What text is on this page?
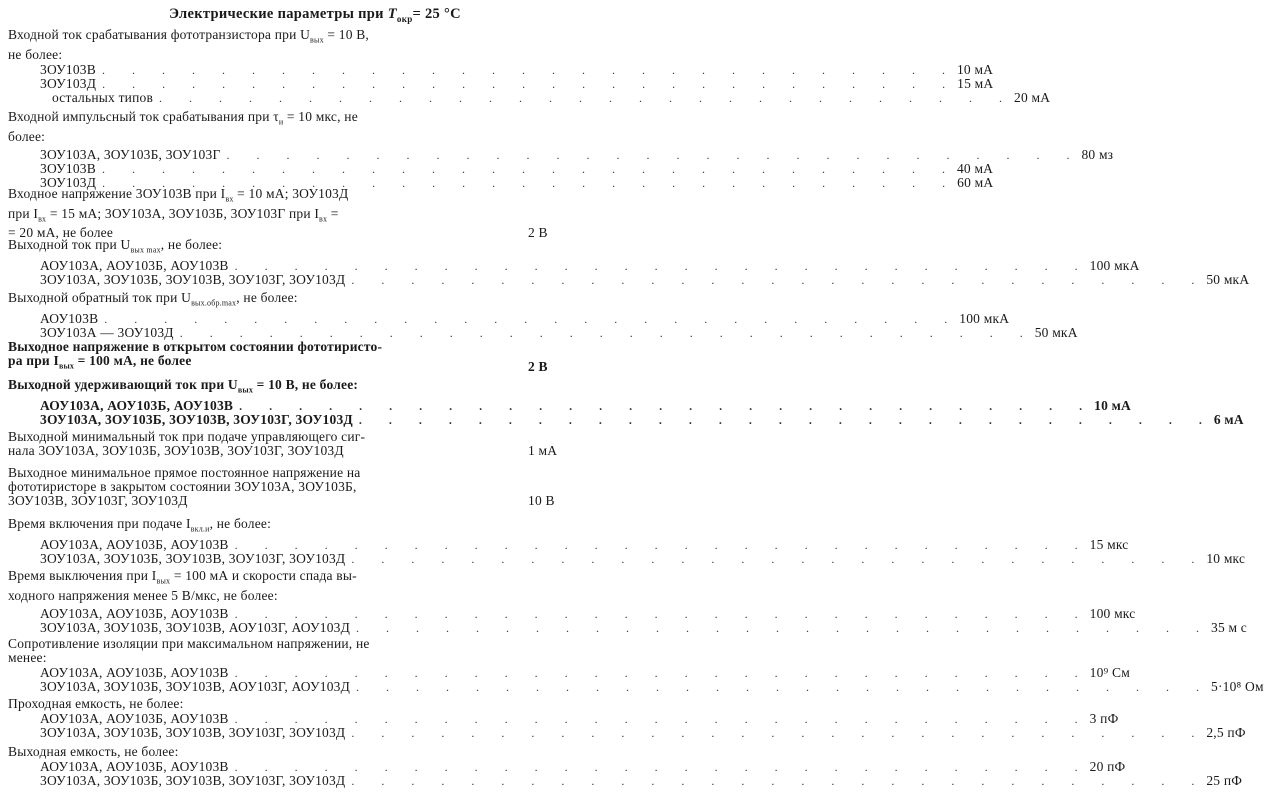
Электрические параметры при $T_{окр}= 25$ °С
Входной ток срабатывания фототранзистора при $U_{вых} = 10$ В,
не более:
3ОУ103В . . . . . . . . . . . . . . . . . . . . . . . . . . . . . 10 мА
3ОУ103Д . . . . . . . . . . . . . . . . . . . . . . . . . . . . . 15 мА
остальных типов . . . . . . . . . . . . . . . . . . . . . . . . . . . . . 20 мА
Входной импульсный ток срабатывания при $\tau_и = 10$ мкс, не
более:
3ОУ103А, 3ОУ103Б, 3ОУ103Г . . . . . . . . . . . . . . . . . . . . . . . . . . . . . 80 мз
3ОУ103В . . . . . . . . . . . . . . . . . . . . . . . . . . . . . 40 мА
3ОУ103Д . . . . . . . . . . . . . . . . . . . . . . . . . . . . . 60 мА
Входное напряжение 3ОУ103В при $I_{вх} = 10$ мА; 3ОУ103Д
при $I_{вх} = 15$ мА; 3ОУ103А, 3ОУ103Б, 3ОУ103Г при $I_{вх}$ =
= 20 мА, не более	2 В
Выходной ток при $U_{вых max}$, не более:
АОУ103А, АОУ103Б, АОУ103В . . . . . . . . . . . . . . . . . . . . . . . . . . . . . 100 мкА
3ОУ103А, 3ОУ103Б, 3ОУ103В, 3ОУ103Г, 3ОУ103Д . . . . . . . . . . . . . . . . . . . . . . . . . . . . . 50 мкА
Выходной обратный ток при $U_{вых.обр.max}$, не более:
АОУ103В . . . . . . . . . . . . . . . . . . . . . . . . . . . . . 100 мкА
3ОУ103А — 3ОУ103Д . . . . . . . . . . . . . . . . . . . . . . . . . . . . . 50 мкА
Выходное напряжение в открытом состоянии фототиристо-
ра при $I_{вых} = 100$ мА, не более	2 В
Выходной удерживающий ток при $U_{вых} = 10$ В, не более:
АОУ103А, АОУ103Б, АОУ103В . . . . . . . . . . . . . . . . . . . . . . . . . . . . . 10 мА
3ОУ103А, 3ОУ103Б, 3ОУ103В, 3ОУ103Г, 3ОУ103Д . . . . . . . . . . . . . . . . . . . . . . . . . . . . . 6 мА
Выходной минимальный ток при подаче управляющего сиг-
нала 3ОУ103А, 3ОУ103Б, 3ОУ103В, 3ОУ103Г, 3ОУ103Д	1 мА
Выходное минимальное прямое постоянное напряжение на
фототиристоре в закрытом состоянии 3ОУ103А, 3ОУ103Б,
3ОУ103В, 3ОУ103Г, 3ОУ103Д	10 В
Время включения при подаче $I_{вкл.и}$, не более:
АОУ103А, АОУ103Б, АОУ103В . . . . . . . . . . . . . . . . . . . . . . . . . . . . . 15 мкс
3ОУ103А, 3ОУ103Б, 3ОУ103В, 3ОУ103Г, 3ОУ103Д . . . . . . . . . . . . . . . . . . . . . . . . . . . . . 10 мкс
Время выключения при $I_{вых} = 100$ мА и скорости спада вы-
ходного напряжения менее 5 В/мкс, не более:
АОУ103А, АОУ103Б, АОУ103В . . . . . . . . . . . . . . . . . . . . . . . . . . . . . 100 мкс
3ОУ103А, 3ОУ103Б, 3ОУ103В, АОУ103Г, АОУ103Д . . . . . . . . . . . . . . . . . . . . . . . . . . . . . 35 м с
Сопротивление изоляции при максимальном напряжении, не
менее:
АОУ103А, АОУ103Б, АОУ103В . . . . . . . . . . . . . . . . . . . . . . . . . . . . . 10⁹ См
3ОУ103А, 3ОУ103Б, 3ОУ103В, АОУ103Г, АОУ103Д . . . . . . . . . . . . . . . . . . . . . . . . . . . . . 5·10⁸ Ом
Проходная емкость, не более:
АОУ103А, АОУ103Б, АОУ103В . . . . . . . . . . . . . . . . . . . . . . . . . . . . . 3 пФ
3ОУ103А, 3ОУ103Б, 3ОУ103В, 3ОУ103Г, 3ОУ103Д . . . . . . . . . . . . . . . . . . . . . . . . . . . . . 2,5 пФ
Выходная емкость, не более:
АОУ103А, АОУ103Б, АОУ103В . . . . . . . . . . . . . . . . . . . . . . . . . . . . . 20 пФ
3ОУ103А, 3ОУ103Б, 3ОУ103В, 3ОУ103Г, 3ОУ103Д . . . . . . . . . . . . . . . . . . . . . . . . . . . . . 25 пФ
